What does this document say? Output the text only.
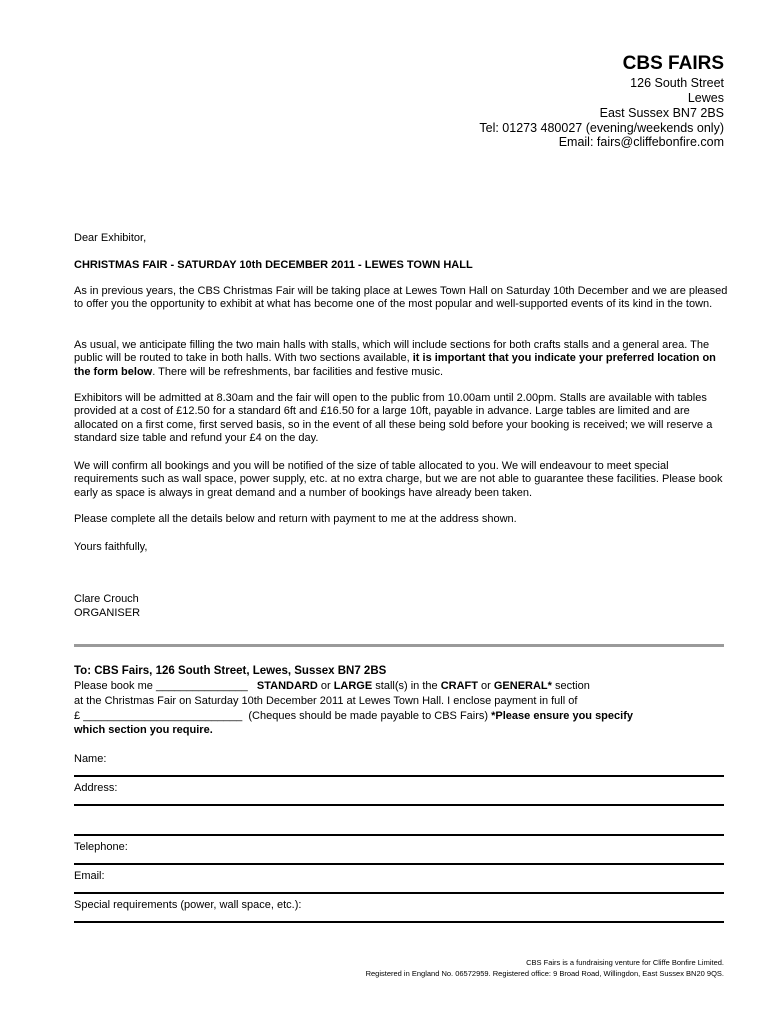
CBS FAIRS
126 South Street
Lewes
East Sussex BN7 2BS
Tel: 01273 480027 (evening/weekends only)
Email: fairs@cliffebonfire.com

Dear Exhibitor,

CHRISTMAS FAIR - SATURDAY 10th DECEMBER 2011 - LEWES TOWN HALL

As in previous years, the CBS Christmas Fair will be taking place at Lewes Town Hall on Saturday 10th December and we are pleased to offer you the opportunity to exhibit at what has become one of the most popular and well-supported events of its kind in the town.

As usual, we anticipate filling the two main halls with stalls, which will include sections for both crafts stalls and a general area. The public will be routed to take in both halls. With two sections available, it is important that you indicate your preferred location on the form below. There will be refreshments, bar facilities and festive music.

Exhibitors will be admitted at 8.30am and the fair will open to the public from 10.00am until 2.00pm. Stalls are available with tables provided at a cost of £12.50 for a standard 6ft and £16.50 for a large 10ft, payable in advance. Large tables are limited and are allocated on a first come, first served basis, so in the event of all these being sold before your booking is received; we will reserve a standard size table and refund your £4 on the day.

We will confirm all bookings and you will be notified of the size of table allocated to you. We will endeavour to meet special requirements such as wall space, power supply, etc. at no extra charge, but we are not able to guarantee these facilities. Please book early as space is always in great demand and a number of bookings have already been taken.

Please complete all the details below and return with payment to me at the address shown.

Yours faithfully,

Clare Crouch

ORGANISER

To: CBS Fairs, 126 South Street, Lewes, Sussex BN7 2BS

Please book me _______________ STANDARD or LARGE stall(s) in the CRAFT or GENERAL* section

at the Christmas Fair on Saturday 10th December 2011 at Lewes Town Hall. I enclose payment in full of

£ __________________________ (Cheques should be made payable to CBS Fairs) *Please ensure you specify

which section you require.

Name:
Address:
Telephone:
Email:
Special requirements (power, wall space, etc.):
CBS Fairs is a fundraising venture for Cliffe Bonfire Limited.
Registered in England No. 06572959. Registered office: 9 Broad Road, Willingdon, East Sussex BN20 9QS.
